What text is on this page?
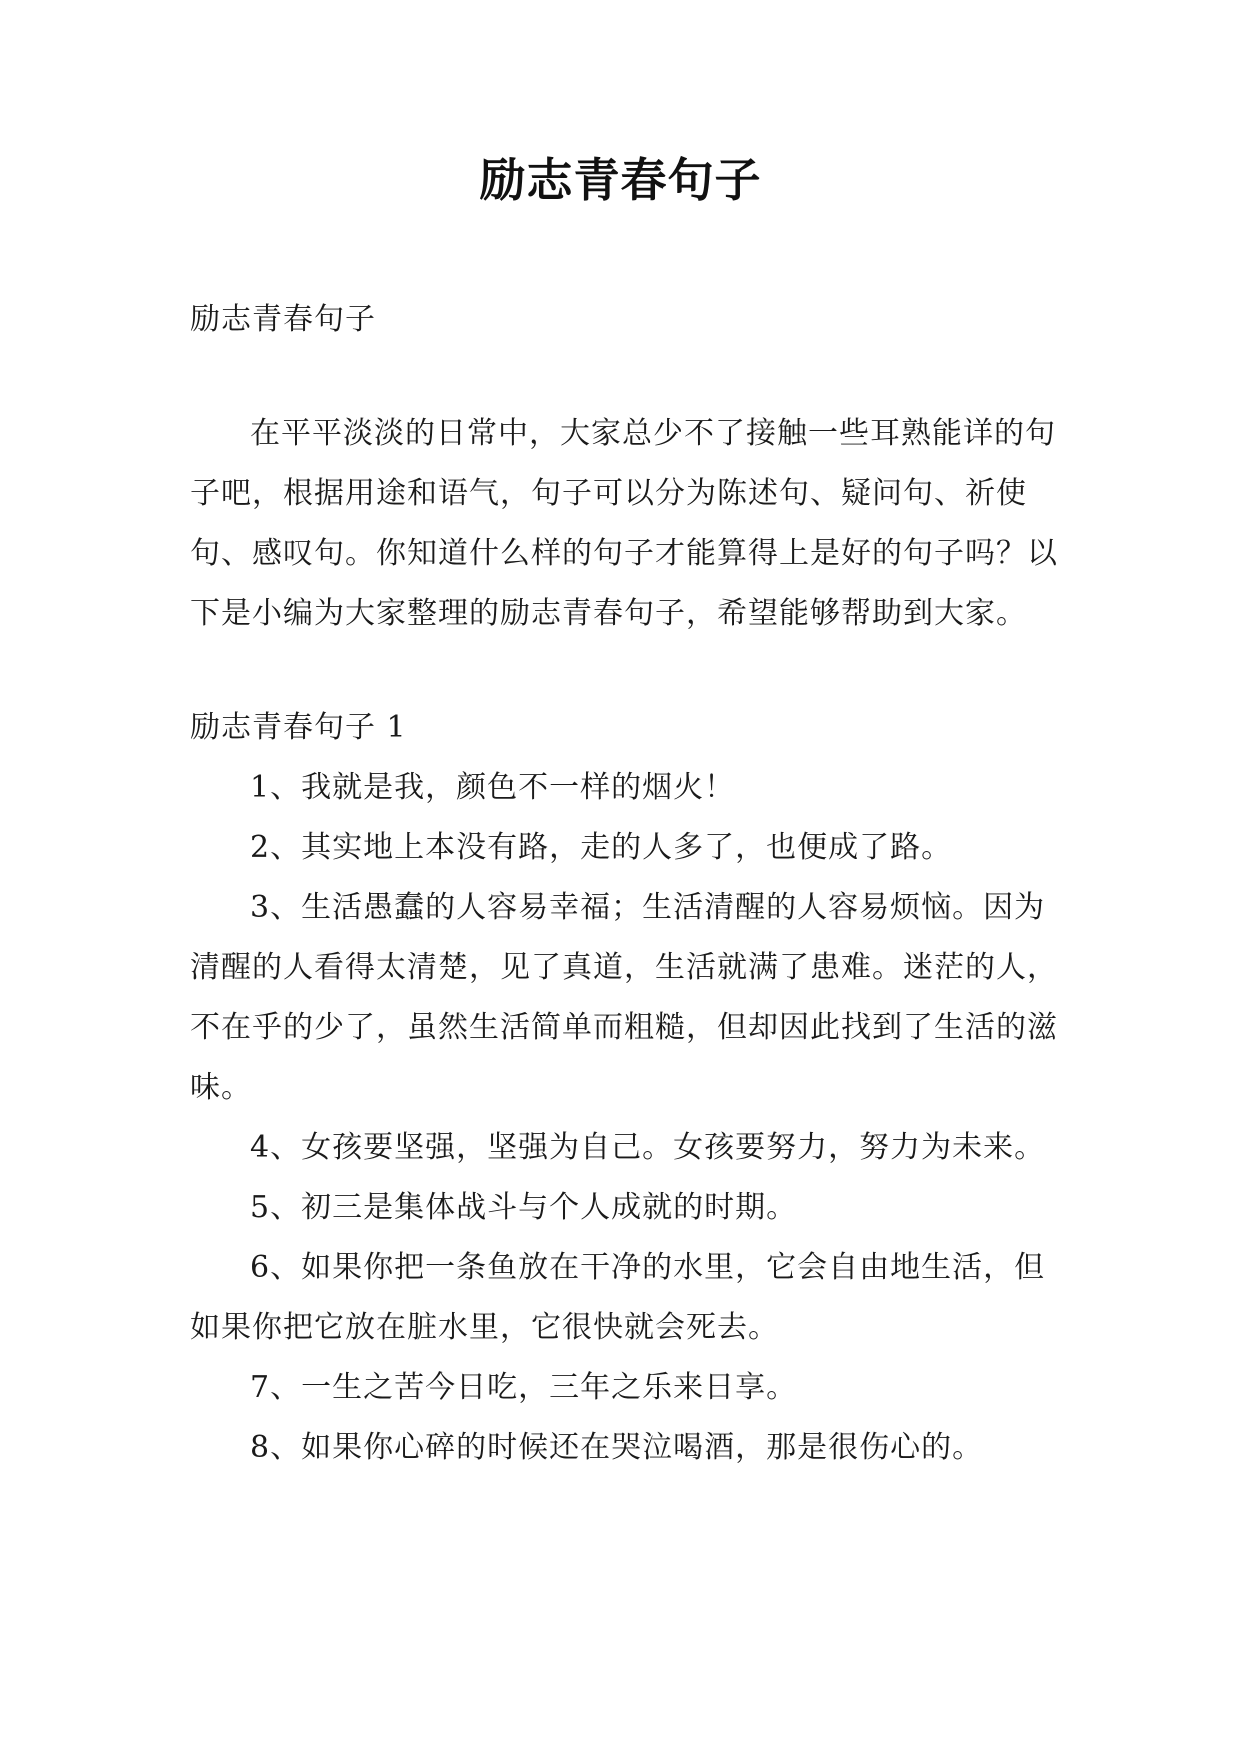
励志青春句子

励志青春句子

在平平淡淡的日常中，大家总少不了接触一些耳熟能详的句子吧，根据用途和语气，句子可以分为陈述句、疑问句、祈使句、感叹句。你知道什么样的句子才能算得上是好的句子吗？以下是小编为大家整理的励志青春句子，希望能够帮助到大家。

励志青春句子 1

1、我就是我，颜色不一样的烟火！

2、其实地上本没有路，走的人多了，也便成了路。

3、生活愚蠢的人容易幸福；生活清醒的人容易烦恼。因为清醒的人看得太清楚，见了真道，生活就满了患难。迷茫的人，不在乎的少了，虽然生活简单而粗糙，但却因此找到了生活的滋味。

4、女孩要坚强，坚强为自己。女孩要努力，努力为未来。

5、初三是集体战斗与个人成就的时期。

6、如果你把一条鱼放在干净的水里，它会自由地生活，但如果你把它放在脏水里，它很快就会死去。

7、一生之苦今日吃，三年之乐来日享。

8、如果你心碎的时候还在哭泣喝酒，那是很伤心的。
